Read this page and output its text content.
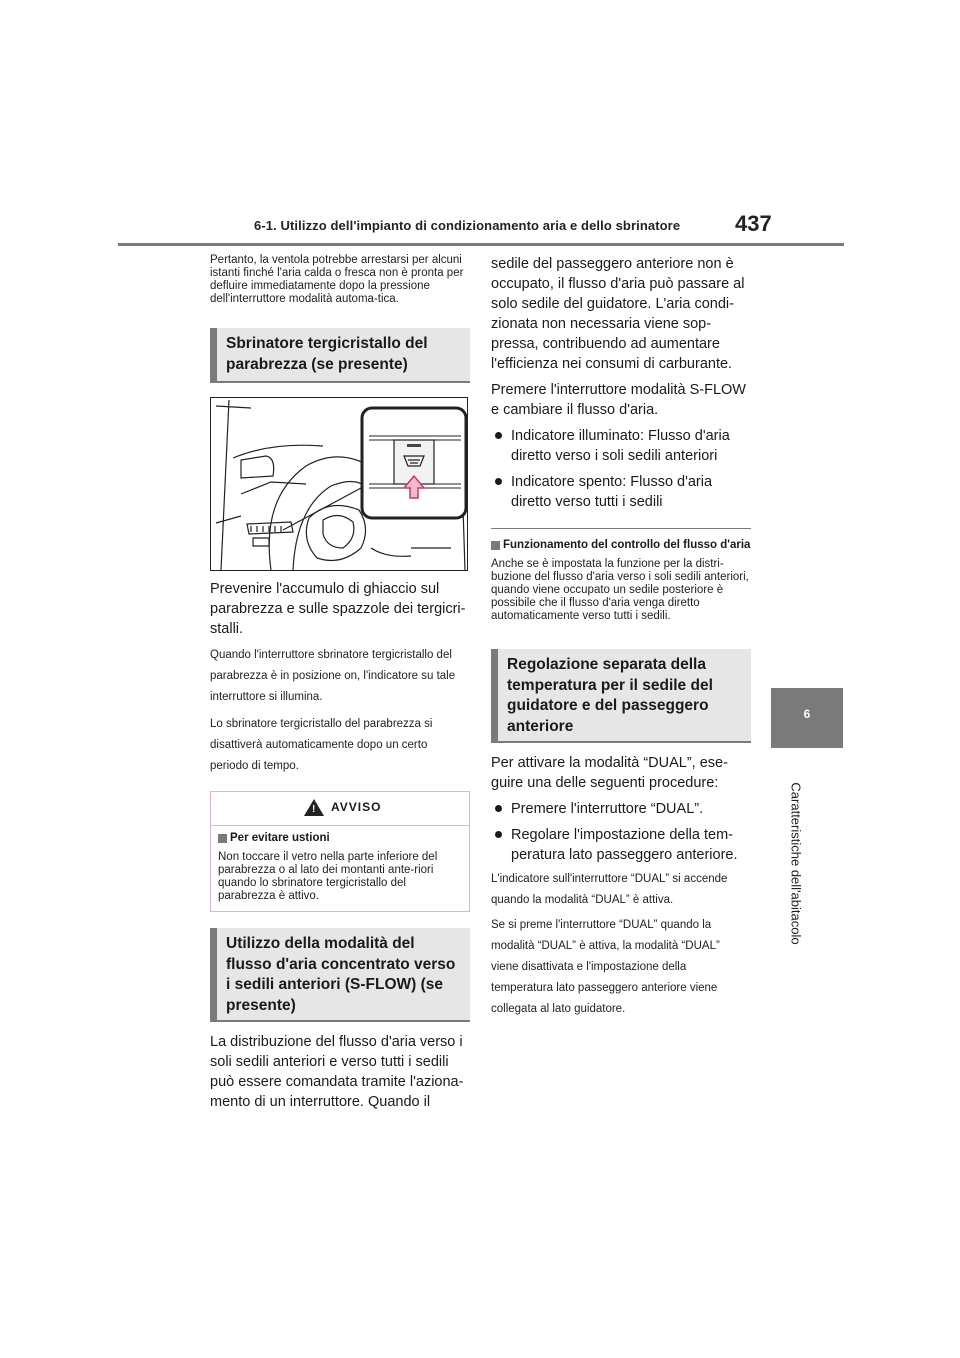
6-1. Utilizzo dell'impianto di condizionamento aria e dello sbrinatore 437
6
Caratteristiche dell'abitacolo

Pertanto, la ventola potrebbe arrestarsi per alcuni istanti finché l'aria calda o fresca non è pronta per defluire immediatamente dopo la pressione dell'interruttore modalità automa-tica.

Sbrinatore tergicristallo del parabrezza (se presente)

Prevenire l'accumulo di ghiaccio sul parabrezza e sulle spazzole dei tergicri-stalli.

Quando l'interruttore sbrinatore tergicristallo del parabrezza è in posizione on, l'indicatore su tale interruttore si illumina.

Lo sbrinatore tergicristallo del parabrezza si disattiverà automaticamente dopo un certo periodo di tempo.

! AVVISO
Per evitare ustioni

Non toccare il vetro nella parte inferiore del parabrezza o al lato dei montanti ante-riori quando lo sbrinatore tergicristallo del parabrezza è attivo.

Utilizzo della modalità del flusso d'aria concentrato verso i sedili anteriori (S-FLOW) (se presente)

La distribuzione del flusso d'aria verso i soli sedili anteriori e verso tutti i sedili può essere comandata tramite l'aziona-mento di un interruttore. Quando il

sedile del passeggero anteriore non è occupato, il flusso d'aria può passare al solo sedile del guidatore. L'aria condi-zionata non necessaria viene sop-pressa, contribuendo ad aumentare l'efficienza nei consumi di carburante.

Premere l'interruttore modalità S-FLOW e cambiare il flusso d'aria.

Indicatore illuminato: Flusso d'aria diretto verso i soli sedili anteriori
Indicatore spento: Flusso d'aria diretto verso tutti i sedili
Funzionamento del controllo del flusso d'aria

Anche se è impostata la funzione per la distri-buzione del flusso d'aria verso i soli sedili anteriori, quando viene occupato un sedile posteriore è possibile che il flusso d'aria venga diretto automaticamente verso tutti i sedili.

Regolazione separata della temperatura per il sedile del guidatore e del passeggero anteriore

Per attivare la modalità “DUAL”, ese-guire una delle seguenti procedure:

Premere l'interruttore “DUAL”.
Regolare l'impostazione della tem-peratura lato passeggero anteriore.

L'indicatore sull'interruttore “DUAL” si accende quando la modalità “DUAL” è attiva.

Se si preme l'interruttore “DUAL” quando la modalità “DUAL” è attiva, la modalità “DUAL” viene disattivata e l'impostazione della temperatura lato passeggero anteriore viene collegata al lato guidatore.
